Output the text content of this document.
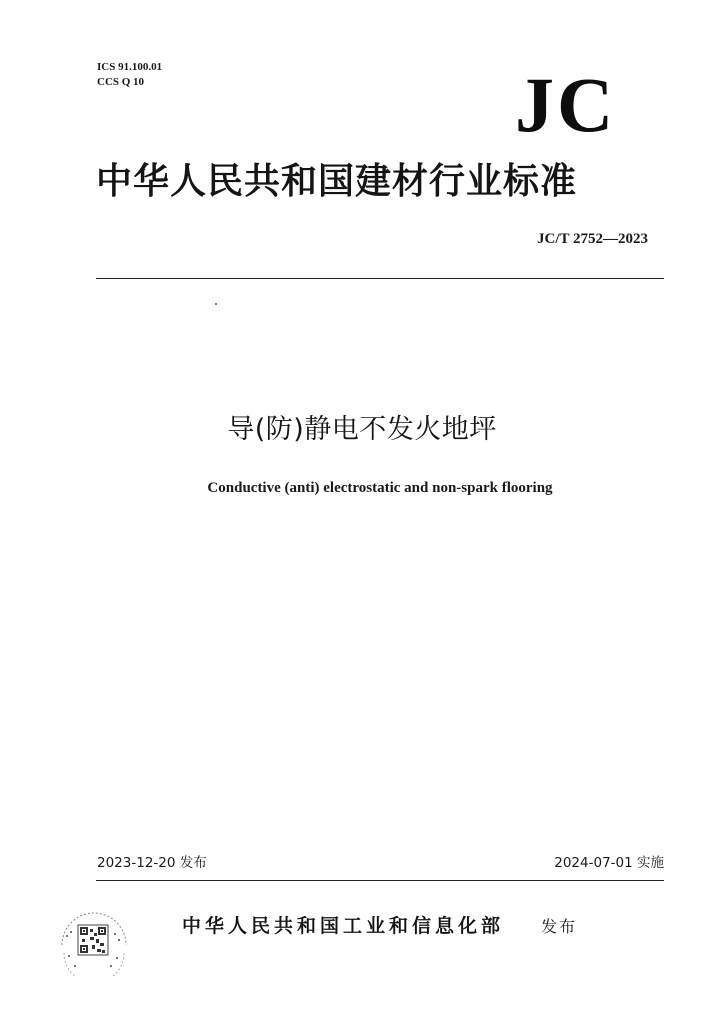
ICS 91.100.01
CCS Q 10	JC
中华人民共和国建材行业标准
JC/T 2752—2023
导(防)静电不发火地坪
Conductive (anti) electrostatic and non-spark flooring
2023-12-20 发布	2024-07-01 实施
中华人民共和国工业和信息化部 发布
